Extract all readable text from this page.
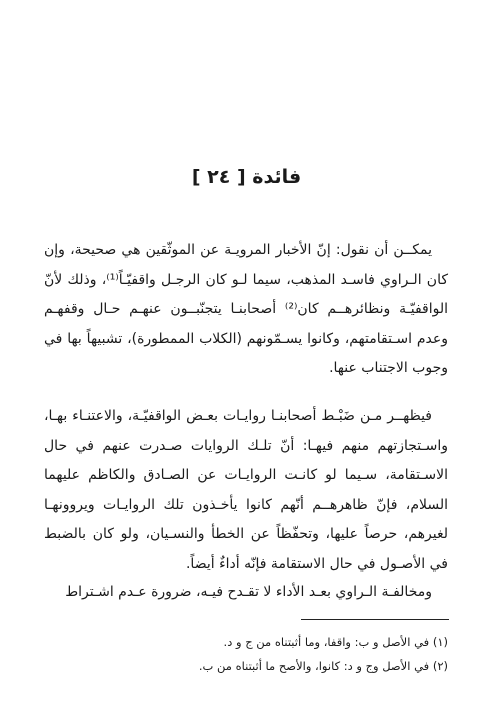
فائدة [ ٢٤ ]

يمكــن أن نقول: إنّ الأخبار المرويـة عن الموثّقين هي صحيحة، وإن كان الـراوي فاسـد المذهب، سيما لـو كان الرجـل واقفيّـاً⁽¹⁾، وذلك لأنّ الواقفيّـة ونظائرهــم كان⁽²⁾ أصحابنـا يتجنّبــون عنهـم حـال وقفهـم وعدم اسـتقامتهم، وكانوا يسـمّونهم (الكلاب الممطورة)، تشبيهاً بها في وجوب الاجتناب عنها.

فيظهــر مـن ضَبْـط أصحابنـا روايـات بعـض الواقفيّـة، والاعتنـاء بهـا، واسـتجازتهم منهم فيهـا: أنّ تلـك الروايات صـدرت عنهم في حال الاسـتقامة، سـيما لو كانـت الروايـات عن الصـادق والكاظم عليهما السلام، فإنّ ظاهرهــم أنّهم كانوا يأخـذون تلك الروايـات ويروونهـا لغيرهم، حرصاً عليها، وتحفّظاً عن الخطأ والنسـيان، ولو كان بالضبط في الأصـول في حال الاستقامة فإنّه أداءٌ أيضاً.

ومخالفـة الـراوي بعـد الأداء لا تقـدح فيـه، ضرورة عـدم اشـتراط

(١) في الأصل و ب: واقفا، وما أثبتناه من ج و د.

(٢) في الأصل وج و د: كانوا، والأصح ما أثبتناه من ب.
